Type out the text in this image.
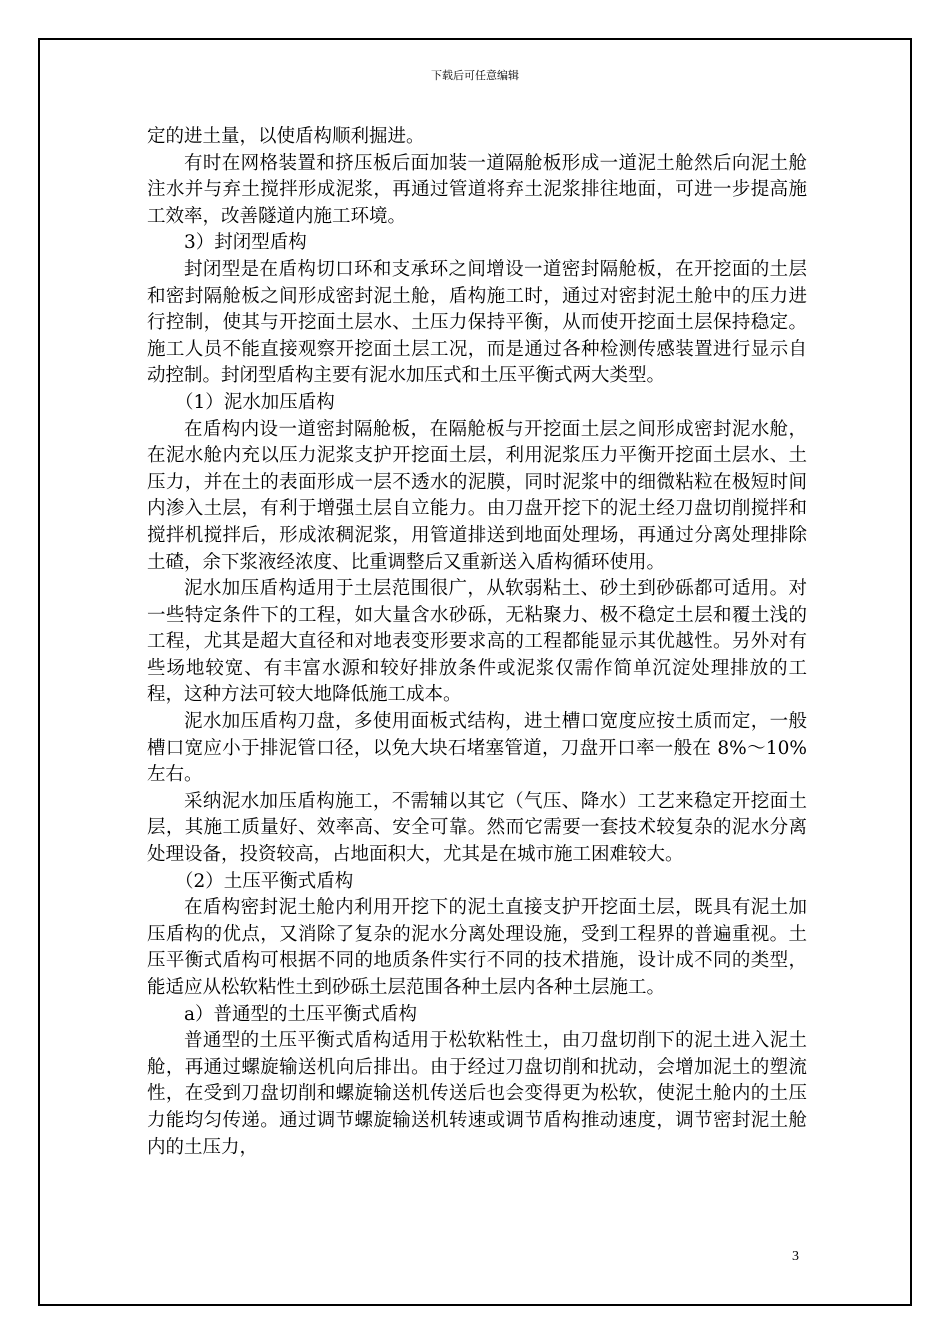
下载后可任意编辑

定的进土量，以使盾构顺利掘进。

有时在网格装置和挤压板后面加装一道隔舱板形成一道泥土舱然后向泥土舱注水并与弃土搅拌形成泥浆，再通过管道将弃土泥浆排往地面，可进一步提高施工效率，改善隧道内施工环境。

3）封闭型盾构

封闭型是在盾构切口环和支承环之间增设一道密封隔舱板，在开挖面的土层和密封隔舱板之间形成密封泥土舱，盾构施工时，通过对密封泥土舱中的压力进行控制，使其与开挖面土层水、土压力保持平衡，从而使开挖面土层保持稳定。施工人员不能直接观察开挖面土层工况，而是通过各种检测传感装置进行显示自动控制。封闭型盾构主要有泥水加压式和土压平衡式两大类型。

（1）泥水加压盾构

在盾构内设一道密封隔舱板，在隔舱板与开挖面土层之间形成密封泥水舱，在泥水舱内充以压力泥浆支护开挖面土层，利用泥浆压力平衡开挖面土层水、土压力，并在土的表面形成一层不透水的泥膜，同时泥浆中的细微粘粒在极短时间内渗入土层，有利于增强土层自立能力。由刀盘开挖下的泥土经刀盘切削搅拌和搅拌机搅拌后，形成浓稠泥浆，用管道排送到地面处理场，再通过分离处理排除土碴，余下浆液经浓度、比重调整后又重新送入盾构循环使用。

泥水加压盾构适用于土层范围很广，从软弱粘土、砂土到砂砾都可适用。对一些特定条件下的工程，如大量含水砂砾，无粘聚力、极不稳定土层和覆土浅的工程，尤其是超大直径和对地表变形要求高的工程都能显示其优越性。另外对有些场地较宽、有丰富水源和较好排放条件或泥浆仅需作简单沉淀处理排放的工程，这种方法可较大地降低施工成本。

泥水加压盾构刀盘，多使用面板式结构，进土槽口宽度应按土质而定，一般槽口宽应小于排泥管口径，以免大块石堵塞管道，刀盘开口率一般在 8%～10%左右。

采纳泥水加压盾构施工，不需辅以其它（气压、降水）工艺来稳定开挖面土层，其施工质量好、效率高、安全可靠。然而它需要一套技术较复杂的泥水分离处理设备，投资较高，占地面积大，尤其是在城市施工困难较大。

（2）土压平衡式盾构

在盾构密封泥土舱内利用开挖下的泥土直接支护开挖面土层，既具有泥土加压盾构的优点，又消除了复杂的泥水分离处理设施，受到工程界的普遍重视。土压平衡式盾构可根据不同的地质条件实行不同的技术措施，设计成不同的类型，能适应从松软粘性土到砂砾土层范围各种土层内各种土层施工。

a）普通型的土压平衡式盾构

普通型的土压平衡式盾构适用于松软粘性土，由刀盘切削下的泥土进入泥土舱，再通过螺旋输送机向后排出。由于经过刀盘切削和扰动，会增加泥土的塑流性，在受到刀盘切削和螺旋输送机传送后也会变得更为松软，使泥土舱内的土压力能均匀传递。通过调节螺旋输送机转速或调节盾构推动速度，调节密封泥土舱内的土压力，

3
